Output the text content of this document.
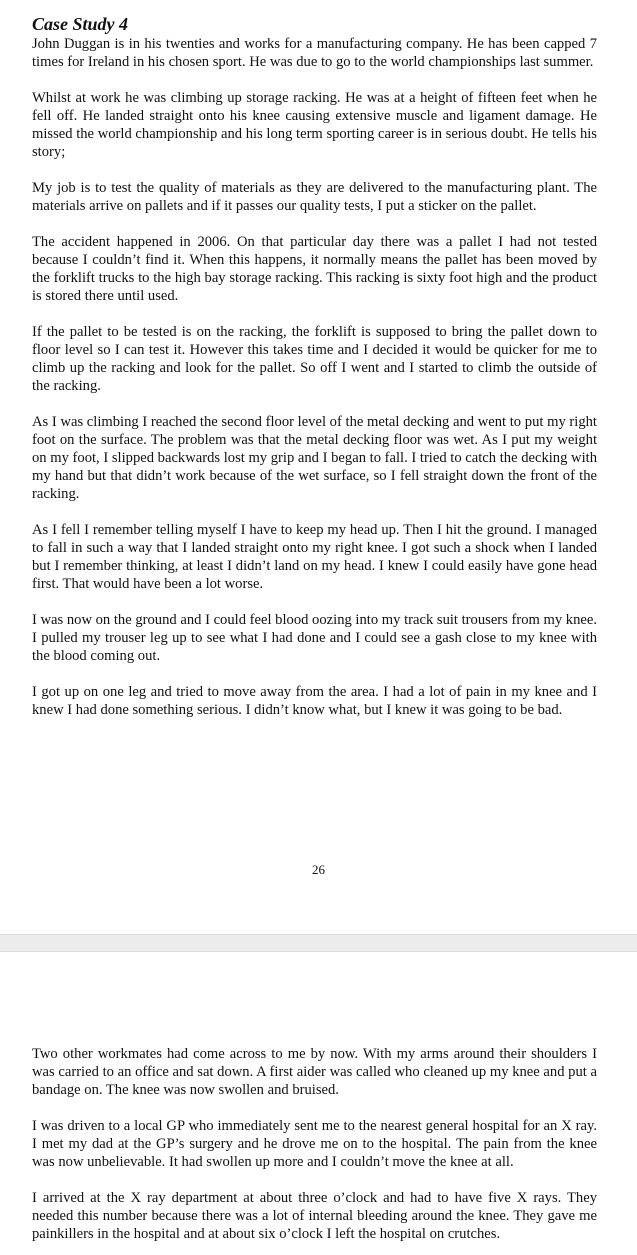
Case Study 4

John Duggan is in his twenties and works for a manufacturing company. He has been capped 7 times for Ireland in his chosen sport. He was due to go to the world championships last summer.

Whilst at work he was climbing up storage racking. He was at a height of fifteen feet when he fell off. He landed straight onto his knee causing extensive muscle and ligament damage. He missed the world championship and his long term sporting career is in serious doubt. He tells his story;

My job is to test the quality of materials as they are delivered to the manufacturing plant. The materials arrive on pallets and if it passes our quality tests, I put a sticker on the pallet.

The accident happened in 2006. On that particular day there was a pallet I had not tested because I couldn’t find it. When this happens, it normally means the pallet has been moved by the forklift trucks to the high bay storage racking. This racking is sixty foot high and the product is stored there until used.

If the pallet to be tested is on the racking, the forklift is supposed to bring the pallet down to floor level so I can test it. However this takes time and I decided it would be quicker for me to climb up the racking and look for the pallet. So off I went and I started to climb the outside of the racking.

As I was climbing I reached the second floor level of the metal decking and went to put my right foot on the surface. The problem was that the metal decking floor was wet. As I put my weight on my foot, I slipped backwards lost my grip and I began to fall. I tried to catch the decking with my hand but that didn’t work because of the wet surface, so I fell straight down the front of the racking.

As I fell I remember telling myself I have to keep my head up. Then I hit the ground. I managed to fall in such a way that I landed straight onto my right knee. I got such a shock when I landed but I remember thinking, at least I didn’t land on my head. I knew I could easily have gone head first. That would have been a lot worse.

I was now on the ground and I could feel blood oozing into my track suit trousers from my knee. I pulled my trouser leg up to see what I had done and I could see a gash close to my knee with the blood coming out.

I got up on one leg and tried to move away from the area. I had a lot of pain in my knee and I knew I had done something serious. I didn’t know what, but I knew it was going to be bad.

26

Two other workmates had come across to me by now. With my arms around their shoulders I was carried to an office and sat down. A first aider was called who cleaned up my knee and put a bandage on. The knee was now swollen and bruised.

I was driven to a local GP who immediately sent me to the nearest general hospital for an X ray. I met my dad at the GP’s surgery and he drove me on to the hospital. The pain from the knee was now unbelievable. It had swollen up more and I couldn’t move the knee at all.

I arrived at the X ray department at about three o’clock and had to have five X rays. They needed this number because there was a lot of internal bleeding around the knee. They gave me painkillers in the hospital and at about six o’clock I left the hospital on crutches.
